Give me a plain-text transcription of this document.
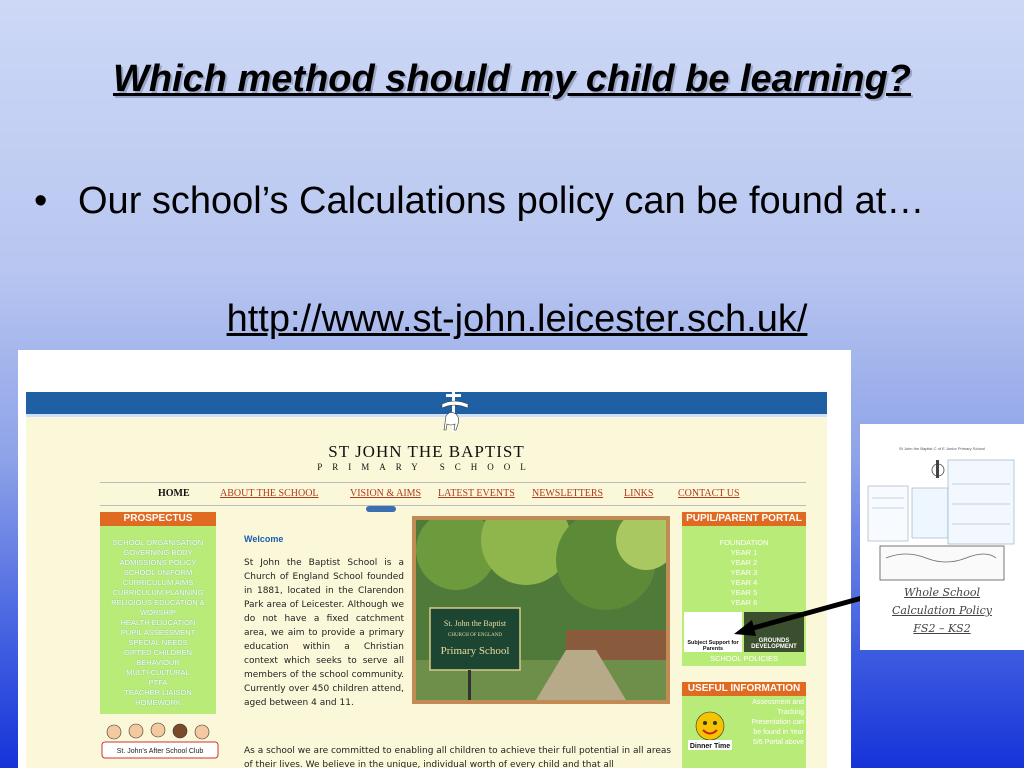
Which method should my child be learning?
• Our school’s Calculations policy can be found at…
http://www.st-john.leicester.sch.uk/
ST JOHN THE BAPTIST
PRIMARY SCHOOL
HOME	ABOUT THE SCHOOL	VISION & AIMS LATEST EVENTS NEWSLETTERS LINKS CONTACT US
PROSPECTUS
SCHOOL ORGANISATION
GOVERNING BODY
ADMISSIONS POLICY
SCHOOL UNIFORM
CURRICULUM AIMS
CURRICULUM PLANNING
RELIGIOUS EDUCATION &
WORSHIP
HEALTH EDUCATION
PUPIL ASSESSMENT
SPECIAL NEEDS
GIFTED CHILDREN
BEHAVIOUR
MULTI-CULTURAL
PTFA
TEACHER LIAISON
HOMEWORK
St. John's After School Club
Welcome
St John the Baptist School is a Church of England School founded in 1881, located in the Clarendon Park area of Leicester. Although we do not have a fixed catchment area, we aim to provide a primary education within a Christian context which seeks to serve all members of the school community. Currently over 450 children attend, aged between 4 and 11.
As a school we are committed to enabling all children to achieve their full potential in all areas of their lives. We believe in the unique, individual worth of every child and that all
St. John the Baptist
CHURCH OF ENGLAND
Primary School
PUPIL/PARENT PORTAL
FOUNDATION
YEAR 1
YEAR 2
YEAR 3
YEAR 4
YEAR 5
YEAR 6
Subject Support for Parents
GROUNDS DEVELOPMENT
SCHOOL POLICIES
USEFUL INFORMATION
Dinner Time
Assessment and Tracking Presentation can be found in Year 5/6 Portal above
St John the Baptist C of E Junior Primary School
Whole School
Calculation Policy
FS2 – KS2
